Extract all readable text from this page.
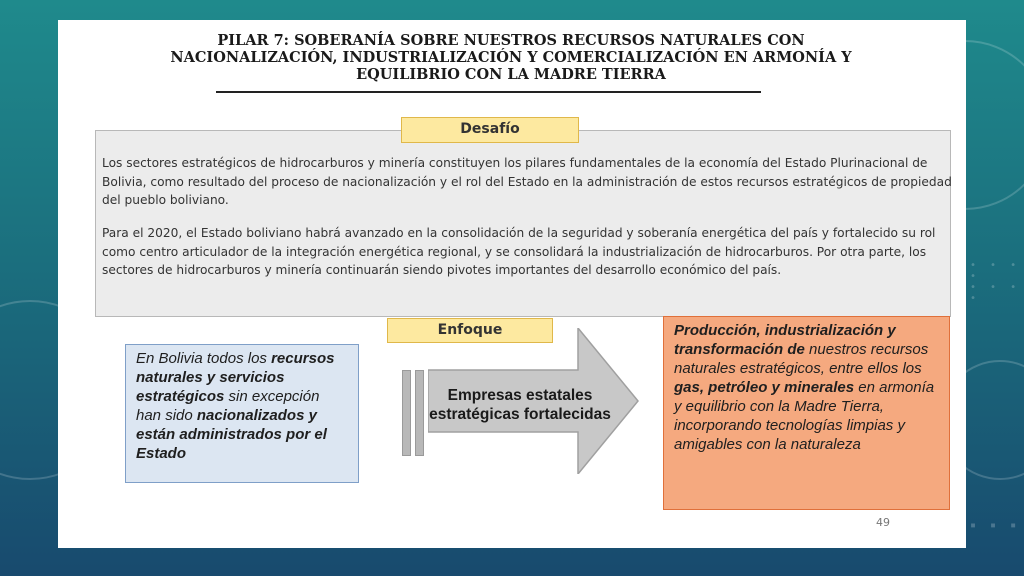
• • • •
• • • •
▪ ▪ ▪
PILAR 7: SOBERANÍA SOBRE NUESTROS RECURSOS NATURALES CON
NACIONALIZACIÓN, INDUSTRIALIZACIÓN Y COMERCIALIZACIÓN EN ARMONÍA Y
EQUILIBRIO CON LA MADRE TIERRA
Desafío
Los sectores estratégicos de hidrocarburos y minería constituyen los pilares fundamentales de la economía del Estado Plurinacional de Bolivia, como resultado del proceso de nacionalización y el rol del Estado en la administración de estos recursos estratégicos de propiedad del pueblo boliviano.
Para el 2020, el Estado boliviano habrá avanzado en la consolidación de la seguridad y soberanía energética del país y fortalecido su rol como centro articulador de la integración energética regional, y se consolidará la industrialización de hidrocarburos. Por otra parte, los sectores de hidrocarburos y minería continuarán siendo pivotes importantes del desarrollo económico del país.
Enfoque
En Bolivia todos los recursos naturales y servicios estratégicos sin excepción han sido nacionalizados y están administrados por el Estado
Empresas estatales estratégicas fortalecidas
Producción, industrialización y transformación de nuestros recursos naturales estratégicos, entre ellos los gas, petróleo y minerales en armonía y equilibrio con la Madre Tierra, incorporando tecnologías limpias y amigables con la naturaleza
49
